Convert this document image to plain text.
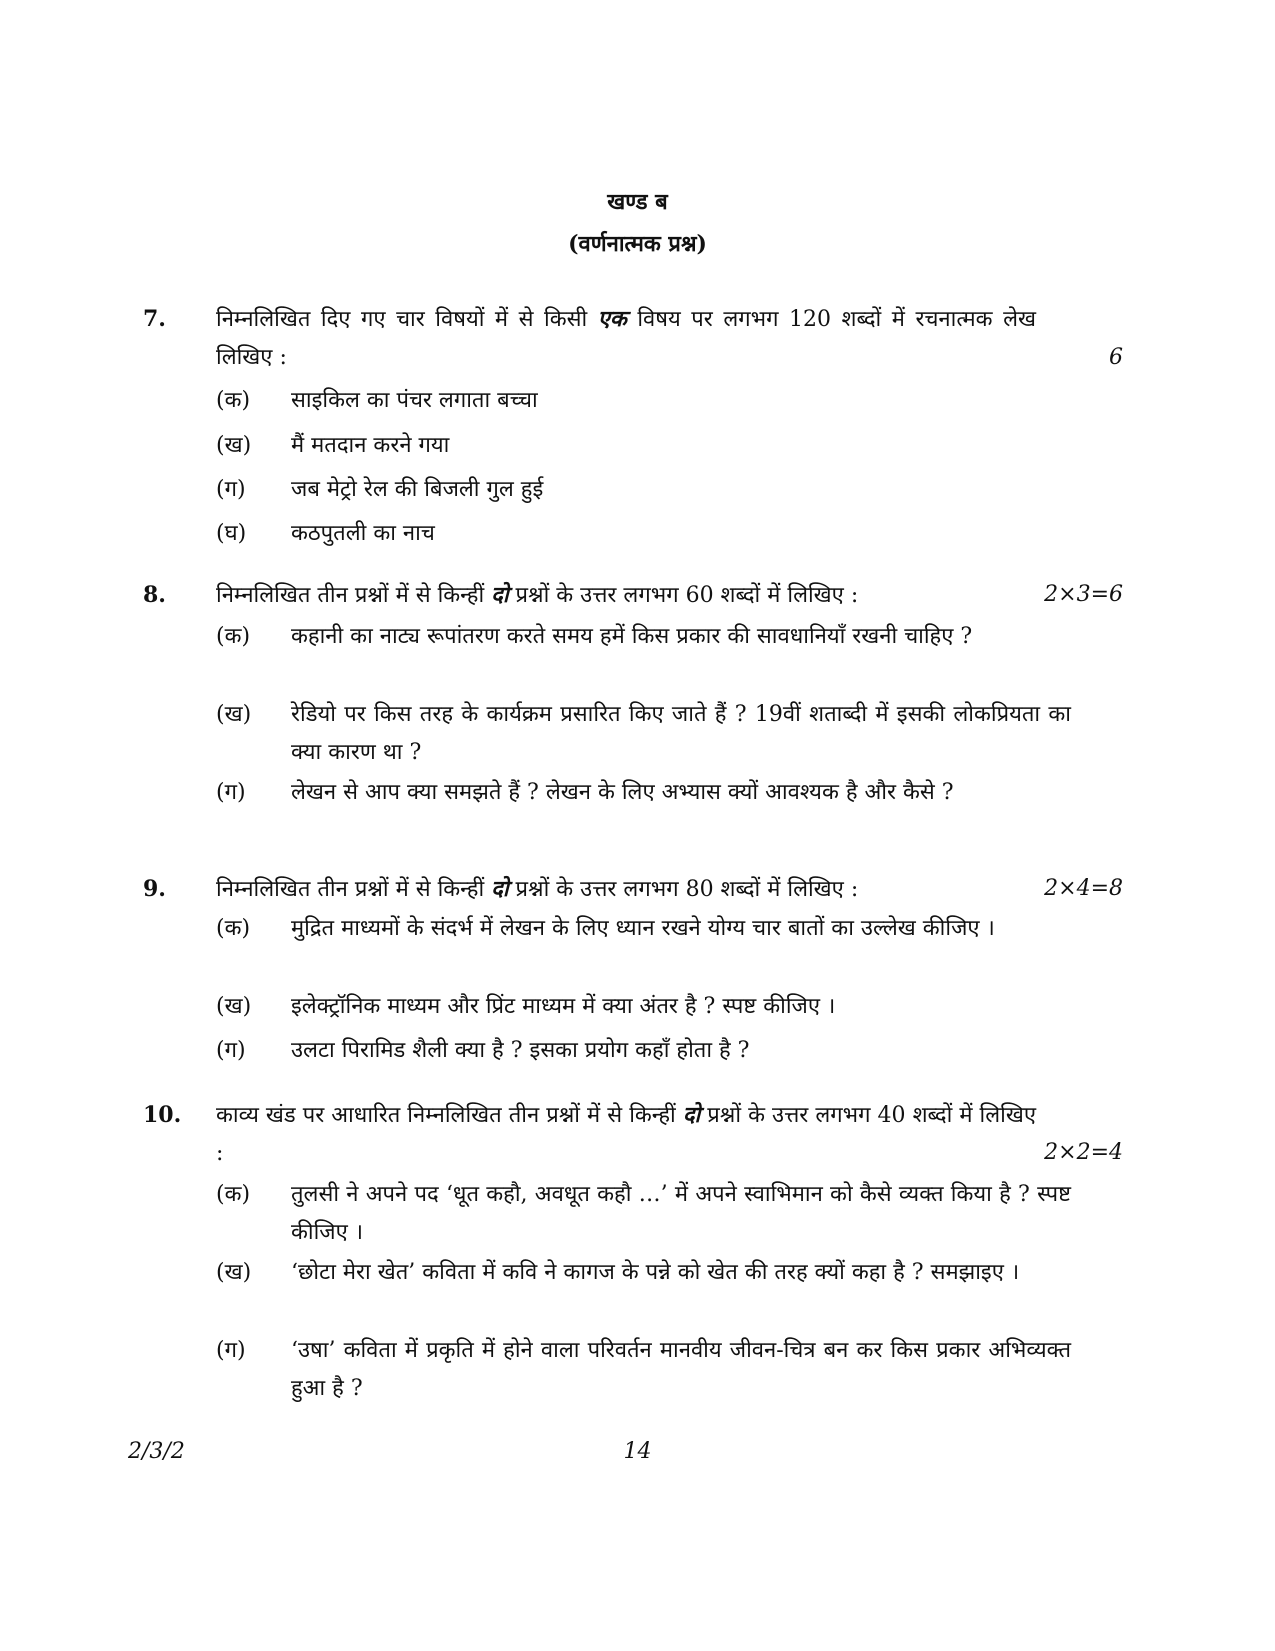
खण्ड ब
(वर्णनात्मक प्रश्न)
7. निम्नलिखित दिए गए चार विषयों में से किसी एक विषय पर लगभग 120 शब्दों में रचनात्मक लेख लिखिए :	6
(क) साइकिल का पंचर लगाता बच्चा
(ख) मैं मतदान करने गया
(ग) जब मेट्रो रेल की बिजली गुल हुई
(घ) कठपुतली का नाच
8. निम्नलिखित तीन प्रश्नों में से किन्हीं दो प्रश्नों के उत्तर लगभग 60 शब्दों में लिखिए :	2×3=6
(क) कहानी का नाट्य रूपांतरण करते समय हमें किस प्रकार की सावधानियाँ रखनी चाहिए ?
(ख) रेडियो पर किस तरह के कार्यक्रम प्रसारित किए जाते हैं ? 19वीं शताब्दी में इसकी लोकप्रियता का क्या कारण था ?
(ग) लेखन से आप क्या समझते हैं ? लेखन के लिए अभ्यास क्यों आवश्यक है और कैसे ?
9. निम्नलिखित तीन प्रश्नों में से किन्हीं दो प्रश्नों के उत्तर लगभग 80 शब्दों में लिखिए :	2×4=8
(क) मुद्रित माध्यमों के संदर्भ में लेखन के लिए ध्यान रखने योग्य चार बातों का उल्लेख कीजिए ।
(ख) इलेक्ट्रॉनिक माध्यम और प्रिंट माध्यम में क्या अंतर है ? स्पष्ट कीजिए ।
(ग) उलटा पिरामिड शैली क्या है ? इसका प्रयोग कहाँ होता है ?
10. काव्य खंड पर आधारित निम्नलिखित तीन प्रश्नों में से किन्हीं दो प्रश्नों के उत्तर लगभग 40 शब्दों में लिखिए :	2×2=4
(क) तुलसी ने अपने पद ‘धूत कहौ, अवधूत कहौ …’ में अपने स्वाभिमान को कैसे व्यक्त किया है ? स्पष्ट कीजिए ।
(ख) ‘छोटा मेरा खेत’ कविता में कवि ने कागज के पन्ने को खेत की तरह क्यों कहा है ? समझाइए ।
(ग) ‘उषा’ कविता में प्रकृति में होने वाला परिवर्तन मानवीय जीवन-चित्र बन कर किस प्रकार अभिव्यक्त हुआ है ?
2/3/2	14
